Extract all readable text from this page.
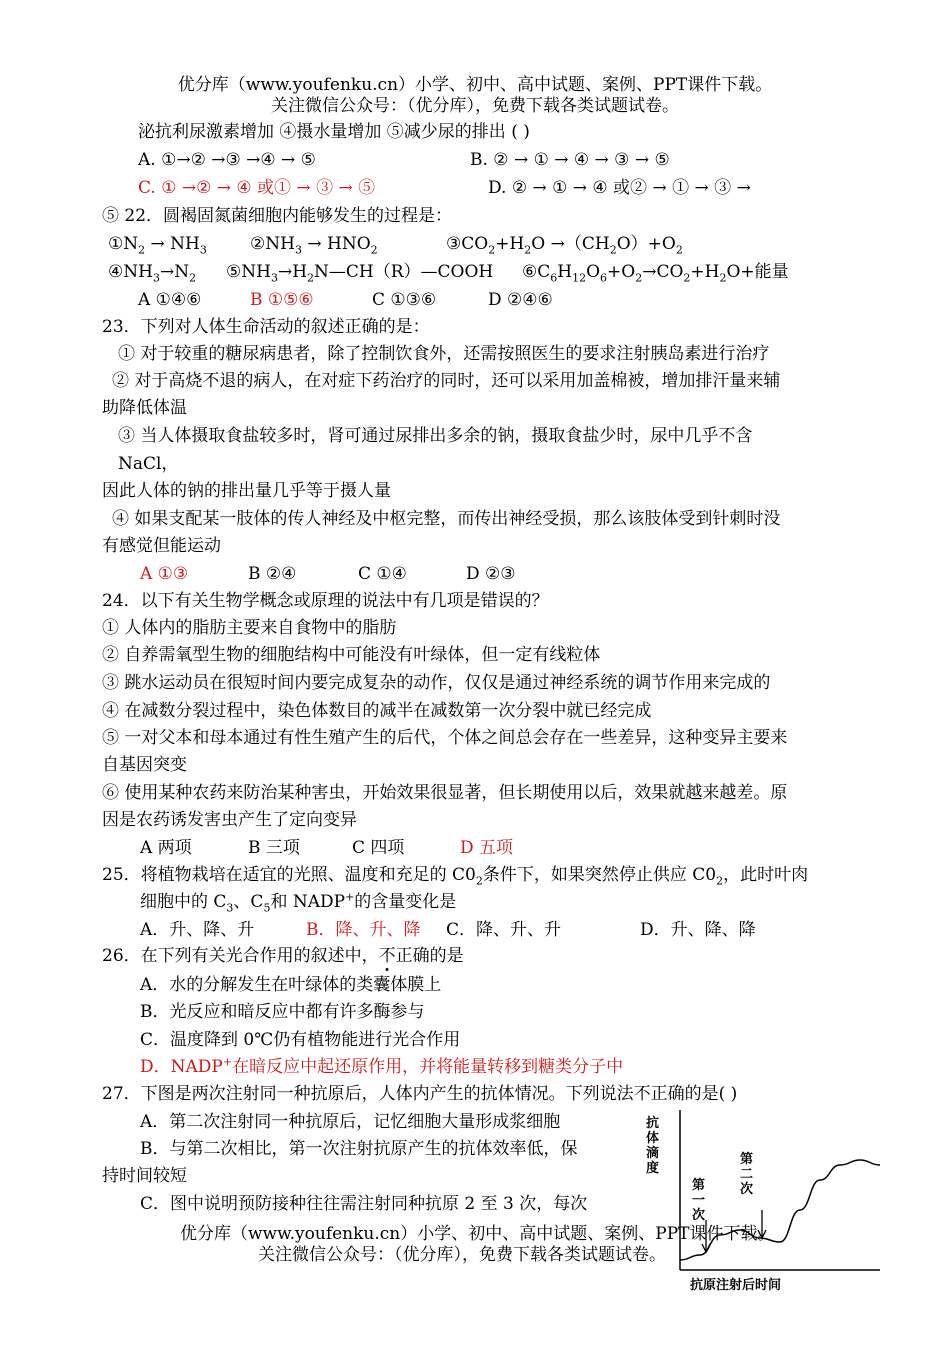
优分库（www.youfenku.cn）小学、初中、高中试题、案例、PPT课件下载。
关注微信公众号：（优分库），免费下载各类试题试卷。
泌抗利尿激素增加 ④摄水量增加 ⑤减少尿的排出 ( )
A. ①→② →③ →④ → ⑤	B. ② → ① → ④ → ③ → ⑤
C. ① →② → ④ 或① → ③ → ⑤	D. ② → ① → ④ 或② → ① → ③ →
⑤ 22．圆褐固氮菌细胞内能够发生的过程是：
$①N_2 \to NH_3$	$②NH_3 \to HNO_2$	$③CO_2+H_2O \to(CH_2O)+O_2$
$④NH_3\to N_2$ $⑤NH_3\to H_2N—CH(R)—COOH$ $⑥C_6H_{12}O_6+O_2\to CO_2+H_2O+$能量
A ①④⑥	B ①⑤⑥	C ①③⑥	D ②④⑥
23．下列对人体生命活动的叙述正确的是：
① 对于较重的糖尿病患者，除了控制饮食外，还需按照医生的要求注射胰岛素进行治疗
② 对于高烧不退的病人，在对症下药治疗的同时，还可以采用加盖棉被，增加排汗量来辅
助降低体温
③ 当人体摄取食盐较多时，肾可通过尿排出多余的钠，摄取食盐少时，尿中几乎不含
NaCl，
因此人体的钠的排出量几乎等于摄人量
④ 如果支配某一肢体的传人神经及中枢完整，而传出神经受损，那么该肢体受到针刺时没
有感觉但能运动
A ①③	B ②④	C ①④	D ②③
24．以下有关生物学概念或原理的说法中有几项是错误的？
① 人体内的脂肪主要来自食物中的脂肪
② 自养需氧型生物的细胞结构中可能没有叶绿体，但一定有线粒体
③ 跳水运动员在很短时间内要完成复杂的动作，仅仅是通过神经系统的调节作用来完成的
④ 在减数分裂过程中，染色体数目的减半在减数第一次分裂中就已经完成
⑤ 一对父本和母本通过有性生殖产生的后代，个体之间总会存在一些差异，这种变异主要来
自基因突变
⑥ 使用某种农药来防治某种害虫，开始效果很显著，但长期使用以后，效果就越来越差。原
因是农药诱发害虫产生了定向变异
A 两项	B 三项	C 四项	D 五项
25．将植物栽培在适宜的光照、温度和充足的 $C0_2$条件下，如果突然停止供应 $C0_2$，此时叶肉
细胞中的 $C_3$、$C_5$和 NADP+的含量变化是
A．升、降、升	B．降、升、降 C．降、升、升	D．升、降、降
26．在下列有关光合作用的叙述中，不正确的是
A．水的分解发生在叶绿体的类囊体膜上
B．光反应和暗反应中都有许多酶参与
C．温度降到 0℃仍有植物能进行光合作用
D．NADP+在暗反应中起还原作用，并将能量转移到糖类分子中
27．下图是两次注射同一种抗原后，人体内产生的抗体情况。下列说法不正确的是( )
A．第二次注射同一种抗原后，记忆细胞大量形成浆细胞
B．与第二次相比，第一次注射抗原产生的抗体效率低，保
持时间较短
C．图中说明预防接种往往需注射同种抗原 2 至 3 次，每次
抗体滴度
第二次
第一次
抗原注射后时间
优分库（www.youfenku.cn）小学、初中、高中试题、案例、PPT课件下载。
关注微信公众号：（优分库），免费下载各类试题试卷。
